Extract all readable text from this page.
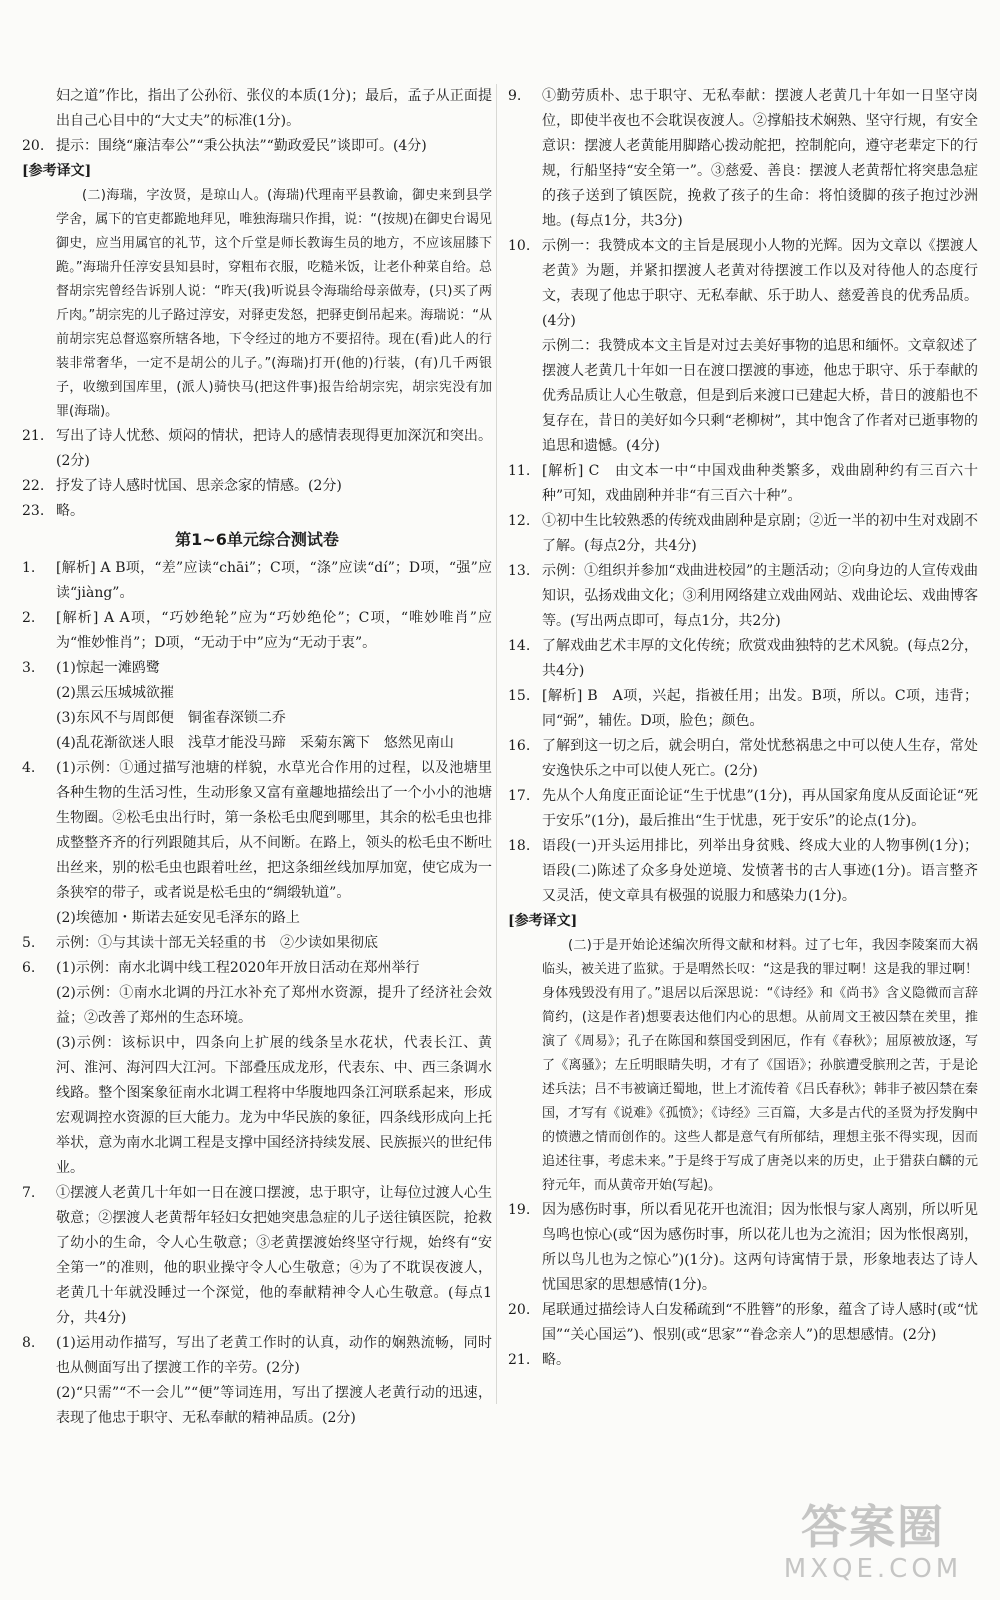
妇之道”作比，指出了公孙衍、张仪的本质(1分)；最后，孟子从正面提出自己心目中的“大丈夫”的标准(1分)。
20. 提示：围绕“廉洁奉公”“秉公执法”“勤政爱民”谈即可。(4分)
[参考译文]
(二)海瑞，字汝贤，是琼山人。(海瑞)代理南平县教谕，御史来到县学学舍，属下的官吏都跪地拜见，唯独海瑞只作揖，说：“(按规)在御史台谒见御史，应当用属官的礼节，这个斤堂是师长教诲生员的地方，不应该屈膝下跪。”海瑞升任淳安县知县时，穿粗布衣服，吃糙米饭，让老仆种菜自给。总督胡宗宪曾经告诉别人说：“昨天(我)听说县令海瑞给母亲做寿，(只)买了两斤肉。”胡宗宪的儿子路过淳安，对驿吏发怒，把驿吏倒吊起来。海瑞说：“从前胡宗宪总督巡察所辖各地，下令经过的地方不要招待。现在(看)此人的行装非常奢华，一定不是胡公的儿子。”(海瑞)打开(他的)行装，(有)几千两银子，收缴到国库里，(派人)骑快马(把这件事)报告给胡宗宪，胡宗宪没有加罪(海瑞)。
21. 写出了诗人忧愁、烦闷的情状，把诗人的感情表现得更加深沉和突出。(2分)
22. 抒发了诗人感时忧国、思亲念家的情感。(2分)
23. 略。
第1~6单元综合测试卷
1. [解析] A B项，“差”应读“chāi”；C项，“涤”应读“dí”；D项，“强”应读“jiàng”。
2. [解析] A A项，“巧妙绝轮”应为“巧妙绝伦”；C项，“唯妙唯肖”应为“惟妙惟肖”；D项，“无动于中”应为“无动于衷”。
3. (1)惊起一滩鸥鹭
(2)黑云压城城欲摧
(3)东风不与周郎便　铜雀春深锁二乔
(4)乱花渐欲迷人眼　浅草才能没马蹄　采菊东篱下　悠然见南山
4. (1)示例：①通过描写池塘的样貌，水草光合作用的过程，以及池塘里各种生物的生活习性，生动形象又富有童趣地描绘出了一个小小的池塘生物圈。②松毛虫出行时，第一条松毛虫爬到哪里，其余的松毛虫也排成整整齐齐的行列跟随其后，从不间断。在路上，领头的松毛虫不断吐出丝来，别的松毛虫也跟着吐丝，把这条细丝线加厚加宽，使它成为一条狭窄的带子，或者说是松毛虫的“绸缎轨道”。
(2)埃德加・斯诺去延安见毛泽东的路上
5. 示例：①与其读十部无关轻重的书　②少读如果彻底
6. (1)示例：南水北调中线工程2020年开放日活动在郑州举行
(2)示例：①南水北调的丹江水补充了郑州水资源，提升了经济社会效益；②改善了郑州的生态环境。
(3)示例：该标识中，四条向上扩展的线条呈水花状，代表长江、黄河、淮河、海河四大江河。下部叠压成龙形，代表东、中、西三条调水线路。整个图案象征南水北调工程将中华腹地四条江河联系起来，形成宏观调控水资源的巨大能力。龙为中华民族的象征，四条线形成向上托举状，意为南水北调工程是支撑中国经济持续发展、民族振兴的世纪伟业。
7. ①摆渡人老黄几十年如一日在渡口摆渡，忠于职守，让每位过渡人心生敬意；②摆渡人老黄帮年轻妇女把她突患急症的儿子送往镇医院，抢救了幼小的生命，令人心生敬意；③老黄摆渡始终坚守行规，始终有“安全第一”的准则，他的职业操守令人心生敬意；④为了不耽误夜渡人，老黄几十年就没睡过一个深觉，他的奉献精神令人心生敬意。(每点1分，共4分)
8. (1)运用动作描写，写出了老黄工作时的认真，动作的娴熟流畅，同时也从侧面写出了摆渡工作的辛劳。(2分)
(2)“只需”“不一会儿”“便”等词连用，写出了摆渡人老黄行动的迅速，表现了他忠于职守、无私奉献的精神品质。(2分)
9. ①勤劳质朴、忠于职守、无私奉献：摆渡人老黄几十年如一日坚守岗位，即使半夜也不会耽误夜渡人。②撑船技术娴熟、坚守行规，有安全意识：摆渡人老黄能用脚踏心拨动舵把，控制舵向，遵守老辈定下的行规，行船坚持“安全第一”。③慈爱、善良：摆渡人老黄帮忙将突患急症的孩子送到了镇医院，挽救了孩子的生命：将怕烫脚的孩子抱过沙洲地。(每点1分，共3分)
10. 示例一：我赞成本文的主旨是展现小人物的光辉。因为文章以《摆渡人老黄》为题，并紧扣摆渡人老黄对待摆渡工作以及对待他人的态度行文，表现了他忠于职守、无私奉献、乐于助人、慈爱善良的优秀品质。(4分)
示例二：我赞成本文主旨是对过去美好事物的追思和缅怀。文章叙述了摆渡人老黄几十年如一日在渡口摆渡的事迹，他忠于职守、乐于奉献的优秀品质让人心生敬意，但是到后来渡口已建起大桥，昔日的渡船也不复存在，昔日的美好如今只剩“老柳树”，其中饱含了作者对已逝事物的追思和遗憾。(4分)
11. [解析] C　由文本一中“中国戏曲种类繁多，戏曲剧种约有三百六十种”可知，戏曲剧种并非“有三百六十种”。
12. ①初中生比较熟悉的传统戏曲剧种是京剧；②近一半的初中生对戏剧不了解。(每点2分，共4分)
13. 示例：①组织并参加“戏曲进校园”的主题活动；②向身边的人宣传戏曲知识，弘扬戏曲文化；③利用网络建立戏曲网站、戏曲论坛、戏曲博客等。(写出两点即可，每点1分，共2分)
14. 了解戏曲艺术丰厚的文化传统；欣赏戏曲独特的艺术风貌。(每点2分，共4分)
15. [解析] B　A项，兴起，指被任用；出发。B项，所以。C项，违背；同“弼”，辅佐。D项，脸色；颜色。
16. 了解到这一切之后，就会明白，常处忧愁祸患之中可以使人生存，常处安逸快乐之中可以使人死亡。(2分)
17. 先从个人角度正面论证“生于忧患”(1分)，再从国家角度从反面论证“死于安乐”(1分)，最后推出“生于忧患，死于安乐”的论点(1分)。
18. 语段(一)开头运用排比，列举出身贫贱、终成大业的人物事例(1分)；语段(二)陈述了众多身处逆境、发愤著书的古人事迹(1分)。语言整齐又灵活，使文章具有极强的说服力和感染力(1分)。
[参考译文]
(二)于是开始论述编次所得文献和材料。过了七年，我因李陵案而大祸临头，被关进了监狱。于是喟然长叹：“这是我的罪过啊！这是我的罪过啊！身体残毁没有用了。”退居以后深思说：“《诗经》和《尚书》含义隐微而言辞简约，(这是作者)想要表达他们内心的思想。从前周文王被囚禁在羑里，推演了《周易》；孔子在陈国和蔡国受到困厄，作有《春秋》；屈原被放逐，写了《离骚》；左丘明眼睛失明，才有了《国语》；孙膑遭受膑刑之苦，于是论述兵法；吕不韦被谪迁蜀地，世上才流传着《吕氏春秋》；韩非子被囚禁在秦国，才写有《说难》《孤愤》；《诗经》三百篇，大多是古代的圣贤为抒发胸中的愤懑之情而创作的。这些人都是意气有所郁结，理想主张不得实现，因而追述往事，考虑未来。”于是终于写成了唐尧以来的历史，止于猎获白麟的元狩元年，而从黄帝开始(写起)。
19. 因为感伤时事，所以看见花开也流泪；因为怅恨与家人离别，所以听见鸟鸣也惊心(或“因为感伤时事，所以花儿也为之流泪；因为怅恨离别，所以鸟儿也为之惊心”)(1分)。这两句诗寓情于景，形象地表达了诗人忧国思家的思想感情(1分)。
20. 尾联通过描绘诗人白发稀疏到“不胜簪”的形象，蕴含了诗人感时(或“忧国”“关心国运”)、恨别(或“思家”“眷念亲人”)的思想感情。(2分)
21. 略。
答案圈
MXQE.COM
